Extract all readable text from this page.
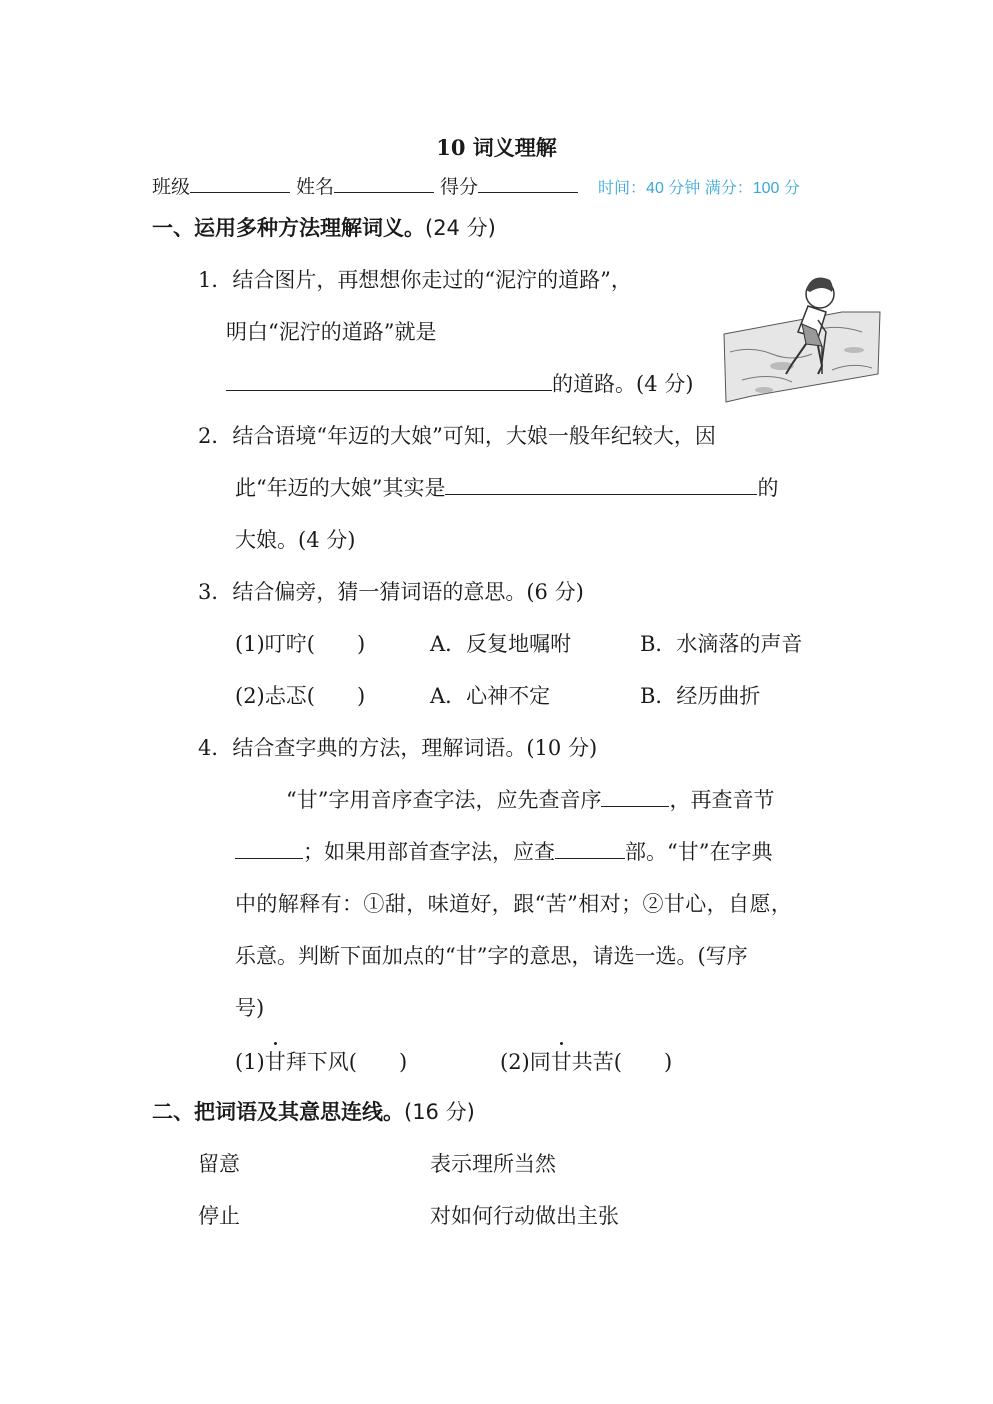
10 词义理解
班级	姓名	得分	时间：40 分钟 满分：100 分
一、运用多种方法理解词义。(24 分)
1．结合图片，再想想你走过的“泥泞的道路”，
明白“泥泞的道路”就是
的道路。(4 分)
2．结合语境“年迈的大娘”可知，大娘一般年纪较大，因
此“年迈的大娘”其实是	的
大娘。(4 分)
3．结合偏旁，猜一猜词语的意思。(6 分)
(1)叮咛(　　)	A．反复地嘱咐	B．水滴落的声音
(2)忐忑(　　)	A．心神不定	B．经历曲折
4．结合查字典的方法，理解词语。(10 分)
“甘”字用音序查字法，应先查音序	，再查音节
；如果用部首查字法，应查	部。“甘”在字典
中的解释有：①甜，味道好，跟“苦”相对；②甘心，自愿，
乐意。判断下面加点的“甘”字的意思，请选一选。(写序
号)
(1)甘拜下风(　　)	(2)同甘共苦(　　)
二、把词语及其意思连线。(16 分)
留意	表示理所当然
停止	对如何行动做出主张
